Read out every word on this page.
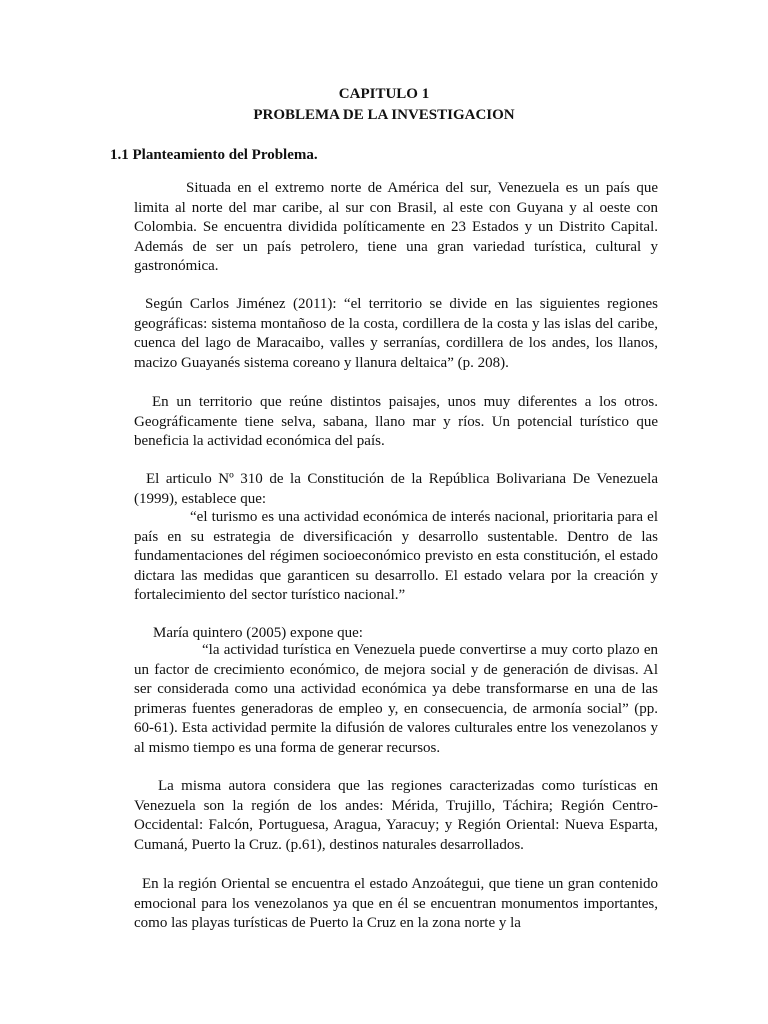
CAPITULO 1
PROBLEMA DE LA INVESTIGACION
1.1 Planteamiento del Problema.

Situada en el extremo norte de América del sur, Venezuela es un país que limita al norte del mar caribe, al sur con Brasil, al este con Guyana y al oeste con Colombia. Se encuentra dividida políticamente en 23 Estados y un Distrito Capital. Además de ser un país petrolero, tiene una gran variedad turística, cultural y gastronómica.

Según Carlos Jiménez (2011): “el territorio se divide en las siguientes regiones geográficas: sistema montañoso de la costa, cordillera de la costa y las islas del caribe, cuenca del lago de Maracaibo, valles y serranías, cordillera de los andes, los llanos, macizo Guayanés sistema coreano y llanura deltaica” (p. 208).

En un territorio que reúne distintos paisajes, unos muy diferentes a los otros. Geográficamente tiene selva, sabana, llano mar y ríos. Un potencial turístico que beneficia la actividad económica del país.

El articulo Nº 310 de la Constitución de la República Bolivariana De Venezuela (1999), establece que:

“el turismo es una actividad económica de interés nacional, prioritaria para el país en su estrategia de diversificación y desarrollo sustentable. Dentro de las fundamentaciones del régimen socioeconómico previsto en esta constitución, el estado dictara las medidas que garanticen su desarrollo. El estado velara por la creación y fortalecimiento del sector turístico nacional.”

María quintero (2005) expone que:

“la actividad turística en Venezuela puede convertirse a muy corto plazo en un factor de crecimiento económico, de mejora social y de generación de divisas. Al ser considerada como una actividad económica ya debe transformarse en una de las primeras fuentes generadoras de empleo y, en consecuencia, de armonía social” (pp. 60-61). Esta actividad permite la difusión de valores culturales entre los venezolanos y al mismo tiempo es una forma de generar recursos.

La misma autora considera que las regiones caracterizadas como turísticas en Venezuela son la región de los andes: Mérida, Trujillo, Táchira; Región Centro-Occidental: Falcón, Portuguesa, Aragua, Yaracuy; y Región Oriental: Nueva Esparta, Cumaná, Puerto la Cruz. (p.61), destinos naturales desarrollados.

En la región Oriental se encuentra el estado Anzoátegui, que tiene un gran contenido emocional para los venezolanos ya que en él se encuentran monumentos importantes, como las playas turísticas de Puerto la Cruz en la zona norte y la
